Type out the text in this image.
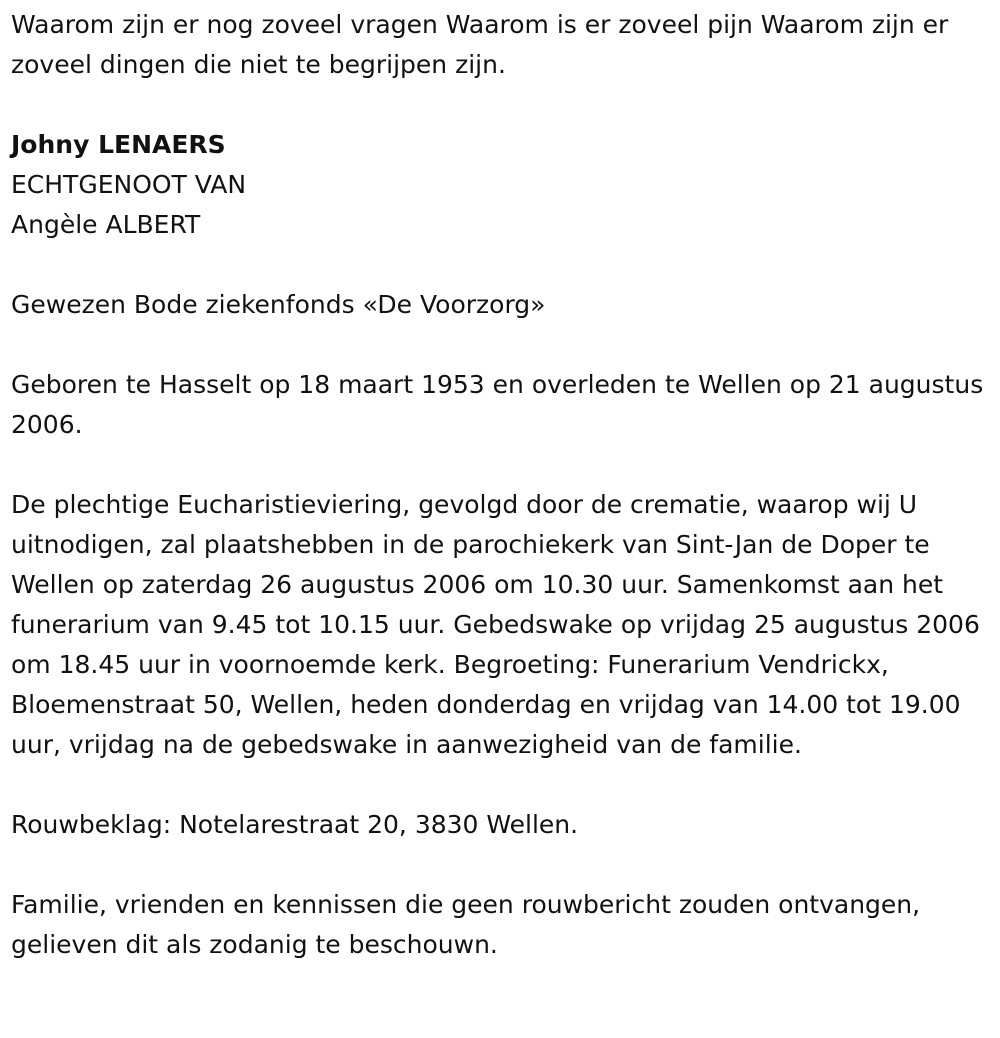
Waarom zijn er nog zoveel vragen Waarom is er zoveel pijn Waarom zijn er zoveel dingen die niet te begrijpen zijn.

Johny LENAERS

ECHTGENOOT VAN

Angèle ALBERT

Gewezen Bode ziekenfonds «De Voorzorg»

Geboren te Hasselt op 18 maart 1953 en overleden te Wellen op 21 augustus 2006.

De plechtige Eucharistieviering, gevolgd door de crematie, waarop wij U uitnodigen, zal plaatshebben in de parochiekerk van Sint-Jan de Doper te Wellen op zaterdag 26 augustus 2006 om 10.30 uur. Samenkomst aan het funerarium van 9.45 tot 10.15 uur. Gebedswake op vrijdag 25 augustus 2006 om 18.45 uur in voornoemde kerk. Begroeting: Funerarium Vendrickx, Bloemenstraat 50, Wellen, heden donderdag en vrijdag van 14.00 tot 19.00 uur, vrijdag na de gebedswake in aanwezigheid van de familie.

Rouwbeklag: Notelarestraat 20, 3830 Wellen.

Familie, vrienden en kennissen die geen rouwbericht zouden ontvangen, gelieven dit als zodanig te beschouwn.
